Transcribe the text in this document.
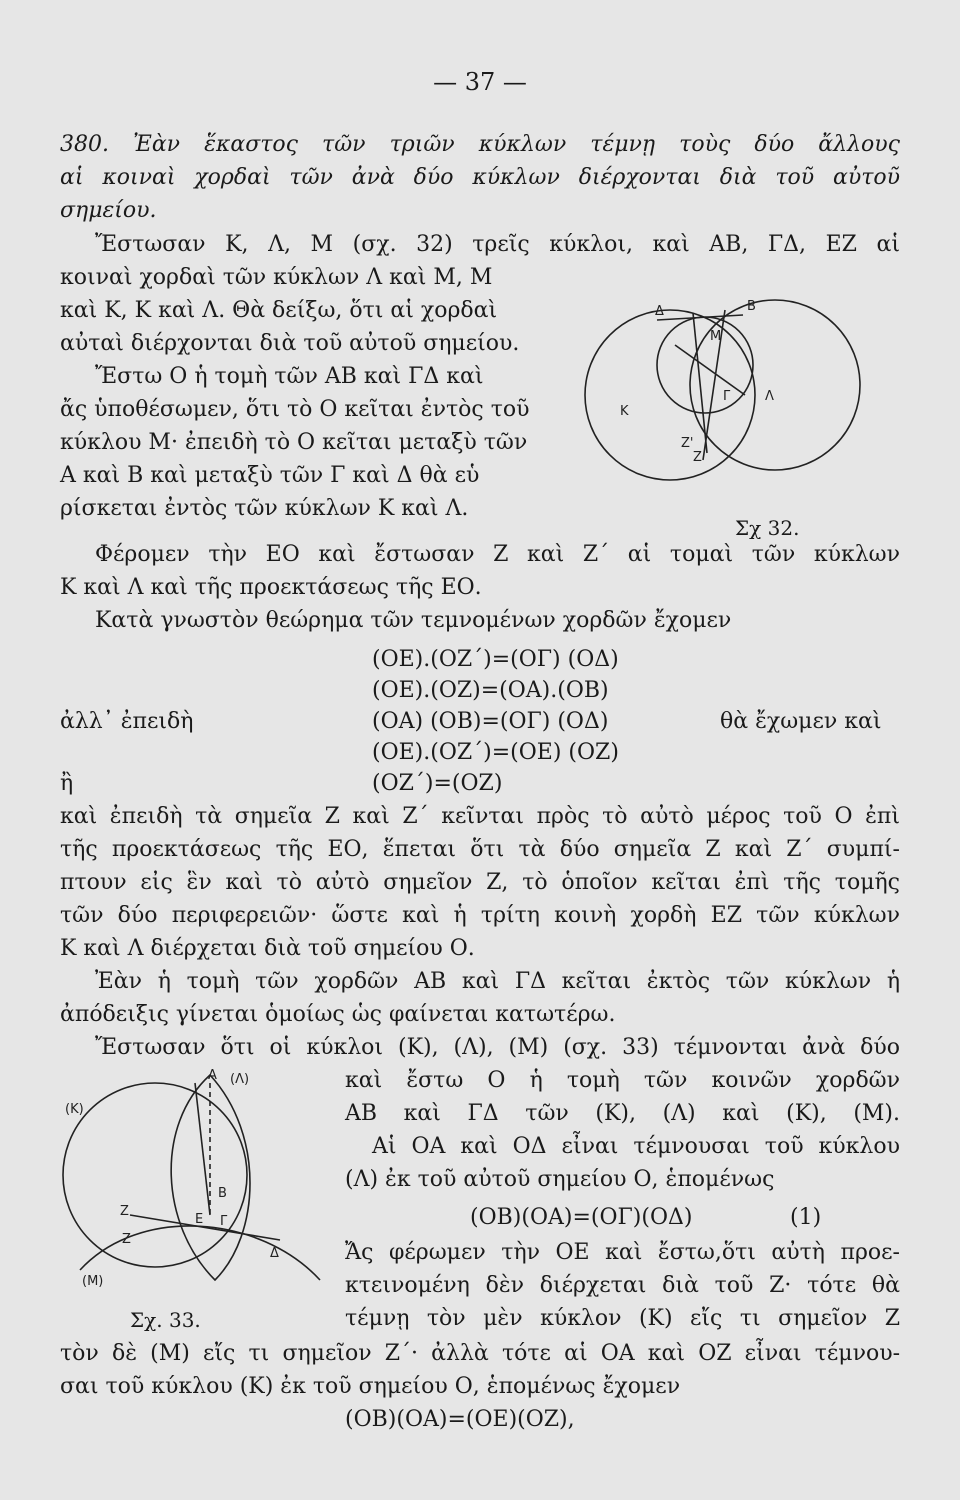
— 37 —
380. Ἐὰν ἕκαστος τῶν τριῶν κύκλων τέμνῃ τοὺς δύο ἄλλους
αἱ κοιναὶ χορδαὶ τῶν ἀνὰ δύο κύκλων διέρχονται διὰ τοῦ αὐτοῦ
σημείου.
Ἔστωσαν Κ, Λ, Μ (σχ. 32) τρεῖς κύκλοι, καὶ ΑΒ, ΓΔ, ΕΖ αἱ
κοιναὶ χορδαὶ τῶν κύκλων Λ καὶ Μ, Μ
καὶ Κ, Κ καὶ Λ. Θὰ δείξω, ὅτι αἱ χορδαὶ
αὐταὶ διέρχονται διὰ τοῦ αὐτοῦ σημείου.
Ἔστω Ο ἡ τομὴ τῶν ΑΒ καὶ ΓΔ καὶ
ἄς ὑποθέσωμεν, ὅτι τὸ Ο κεῖται ἐντὸς τοῦ
κύκλου Μ· ἐπειδὴ τὸ Ο κεῖται μεταξὺ τῶν
Α καὶ Β καὶ μεταξὺ τῶν Γ καὶ Δ θὰ εὑ
ρίσκεται ἐντὸς τῶν κύκλων Κ καὶ Λ.
K
Λ
Δ	B
M
Γ
Z'
Z
Σχ 32.
Φέρομεν τὴν ΕΟ καὶ ἔστωσαν Ζ καὶ Ζ΄ αἱ τομαὶ τῶν κύκλων
Κ καὶ Λ καὶ τῆς προεκτάσεως τῆς ΕΟ.
Κατὰ γνωστὸν θεώρημα τῶν τεμνομένων χορδῶν ἔχομεν
(ΟΕ).(ΟΖ΄)=(ΟΓ) (ΟΔ)
(ΟΕ).(ΟΖ)=(ΟΑ).(ΟΒ)
ἀλλ᾽ ἐπειδὴ	(ΟΑ) (ΟΒ)=(ΟΓ) (ΟΔ)	θὰ ἔχωμεν καὶ
(ΟΕ).(ΟΖ΄)=(ΟΕ) (ΟΖ)
ἢ	(ΟΖ΄)=(ΟΖ)
καὶ ἐπειδὴ τὰ σημεῖα Ζ καὶ Ζ΄ κεῖνται πρὸς τὸ αὐτὸ μέρος τοῦ Ο ἐπὶ
τῆς προεκτάσεως τῆς ΕΟ, ἕπεται ὅτι τὰ δύο σημεῖα Ζ καὶ Ζ΄ συμπί-
πτουν εἰς ἓν καὶ τὸ αὐτὸ σημεῖον Ζ, τὸ ὁποῖον κεῖται ἐπὶ τῆς τομῆς
τῶν δύο περιφερειῶν· ὥστε καὶ ἡ τρίτη κοινὴ χορδὴ ΕΖ τῶν κύκλων
Κ καὶ Λ διέρχεται διὰ τοῦ σημείου Ο.
Ἐὰν ἡ τομὴ τῶν χορδῶν ΑΒ καὶ ΓΔ κεῖται ἐκτὸς τῶν κύκλων ἡ
ἀπόδειξις γίνεται ὁμοίως ὡς φαίνεται κατωτέρω.
Ἔστωσαν ὅτι οἱ κύκλοι (Κ), (Λ), (Μ) (σχ. 33) τέμνονται ἀνὰ δύο
καὶ ἔστω Ο ἡ τομὴ τῶν κοινῶν χορδῶν
ΑΒ καὶ ΓΔ τῶν (Κ), (Λ) καὶ (Κ), (Μ).
Αἱ ΟΑ καὶ ΟΔ εἶναι τέμνουσαι τοῦ κύκλου
(Λ) ἐκ τοῦ αὐτοῦ σημείου Ο, ἑπομένως
(ΟΒ)(ΟΑ)=(ΟΓ)(ΟΔ)	(1)
Ἄς φέρωμεν τὴν ΟΕ καὶ ἔστω,ὅτι αὐτὴ προε-
κτεινομένη δὲν διέρχεται διὰ τοῦ Ζ· τότε θὰ
τέμνῃ τὸν μὲν κύκλον (Κ) εἴς τι σημεῖον Ζ
(K)
(Λ)
A
B
E Γ
Δ
Z
Z
(M)
Σχ. 33.
τὸν δὲ (Μ) εἴς τι σημεῖον Ζ΄· ἀλλὰ τότε αἱ ΟΑ καὶ ΟΖ εἶναι τέμνου-
σαι τοῦ κύκλου (Κ) ἐκ τοῦ σημείου Ο, ἑπομένως ἔχομεν
(ΟΒ)(ΟΑ)=(ΟΕ)(ΟΖ),
